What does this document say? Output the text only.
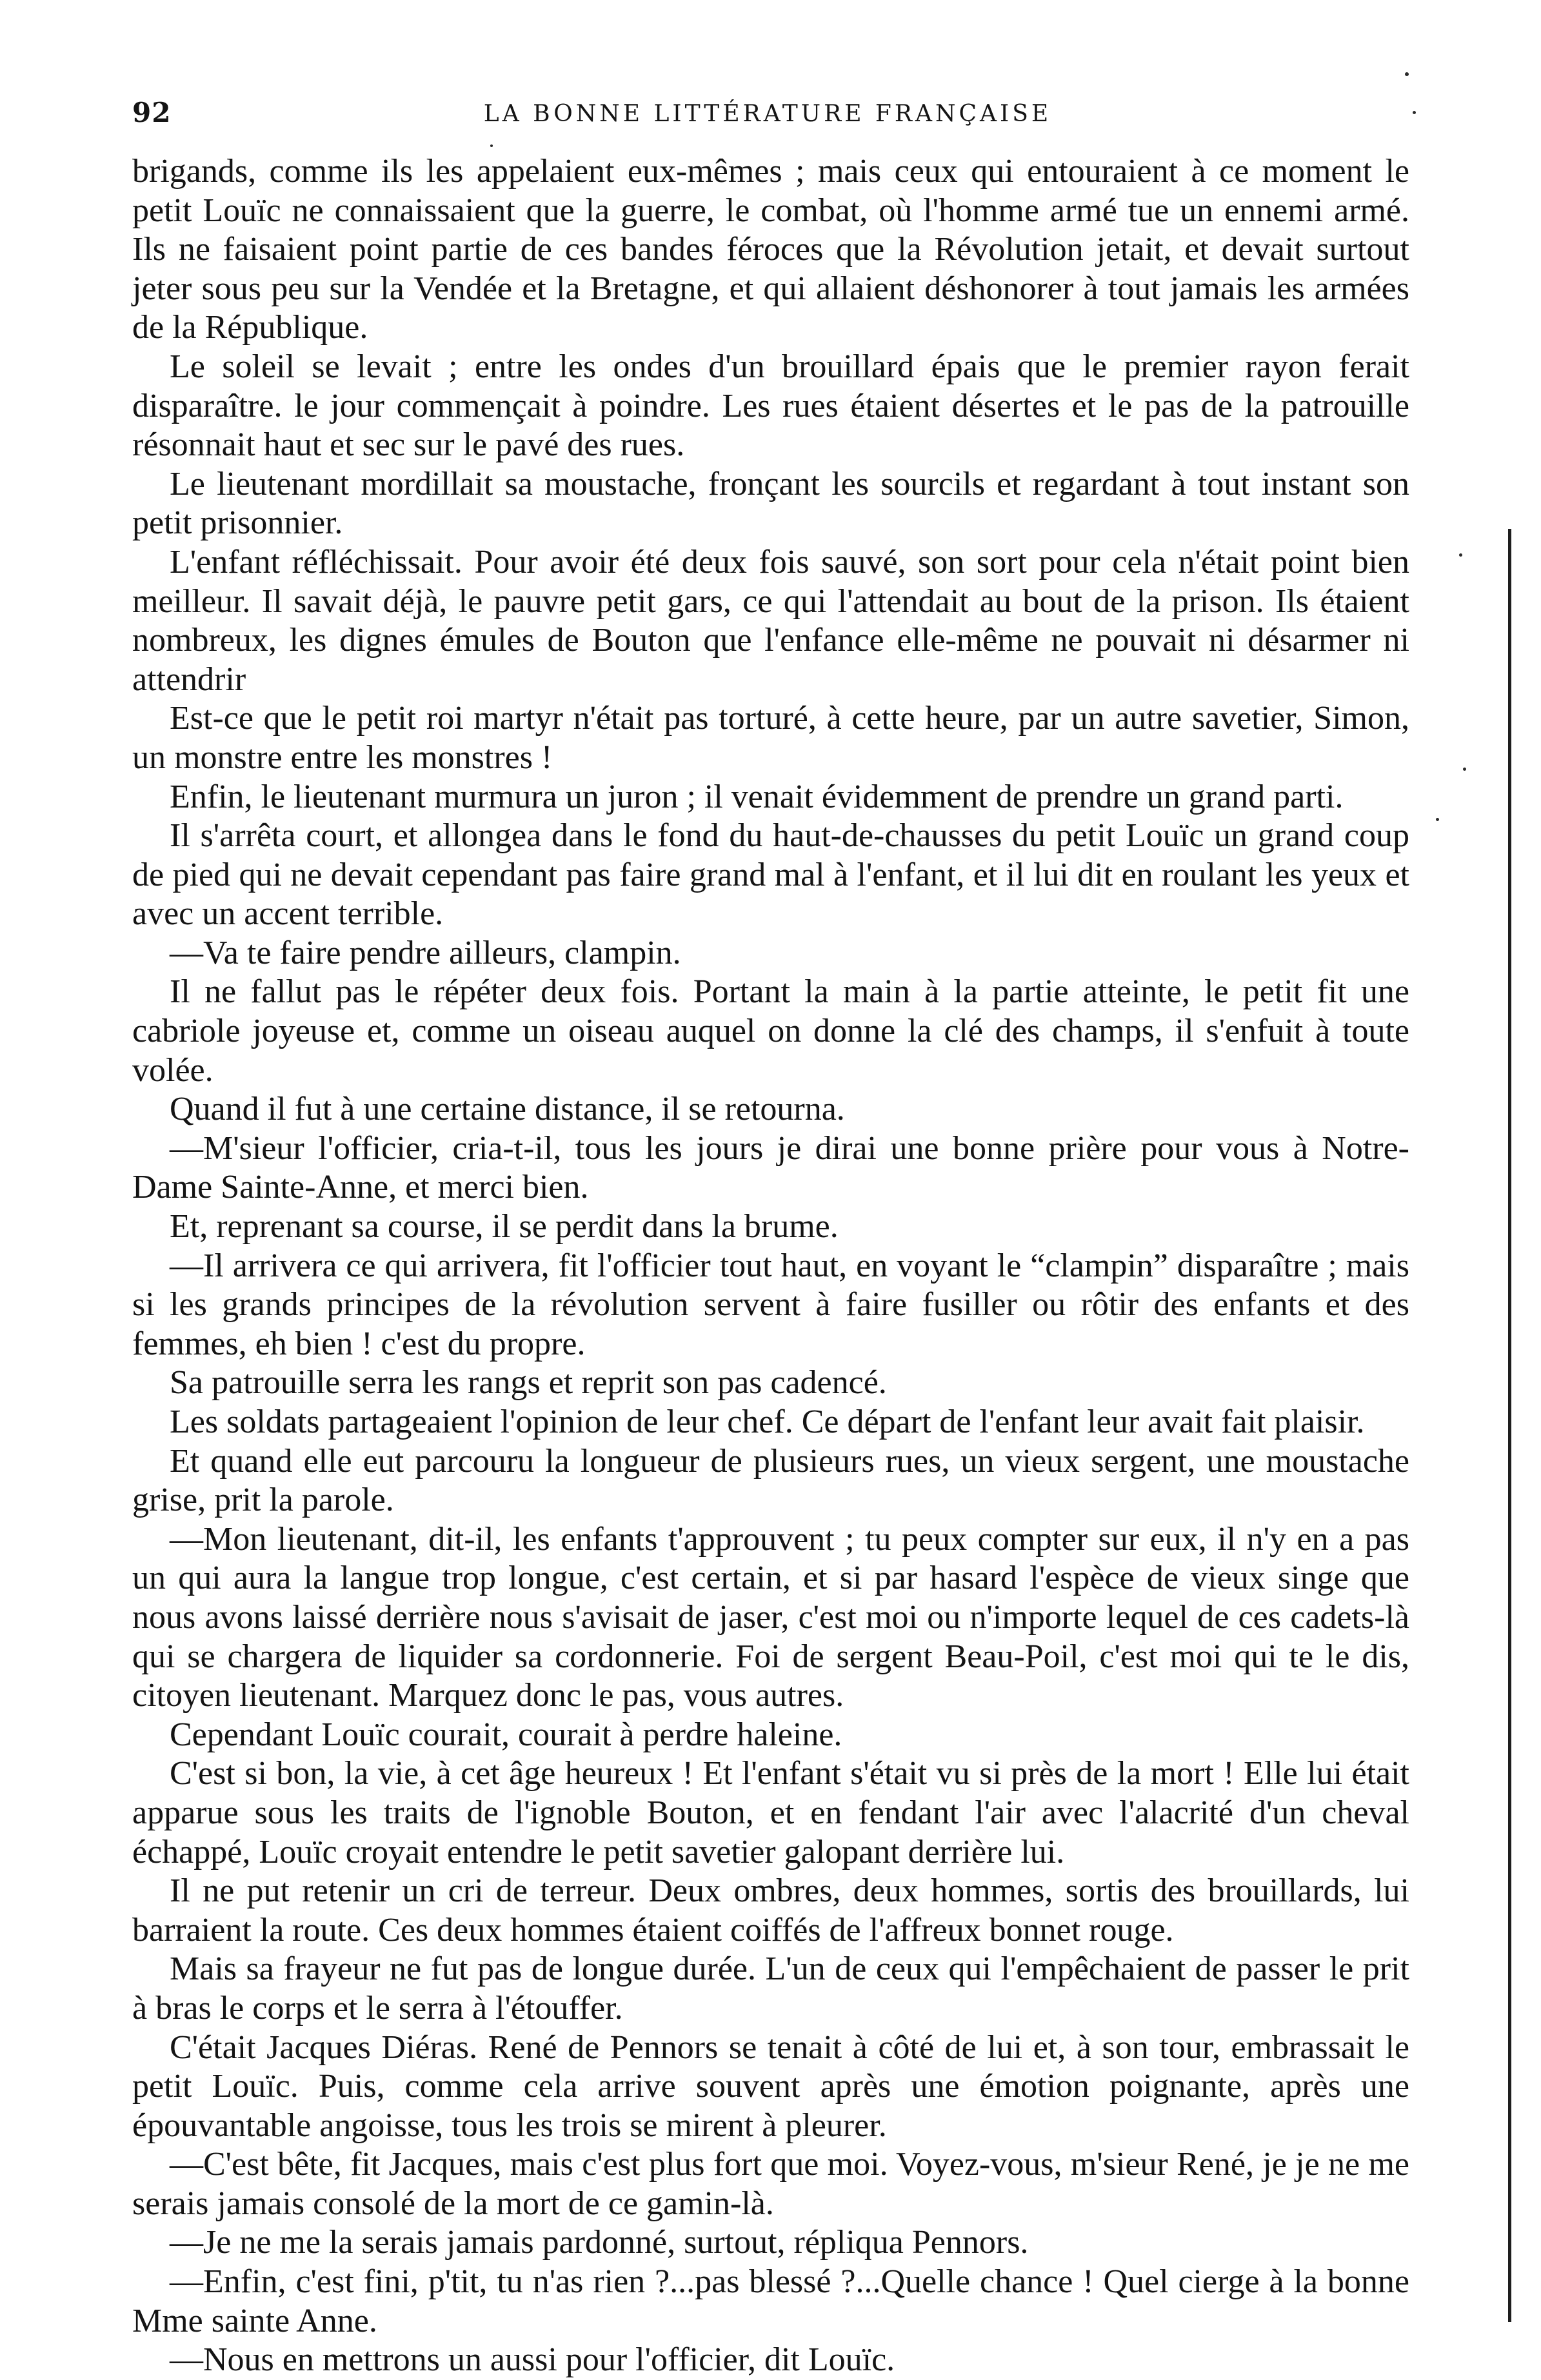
92	LA BONNE LITTÉRATURE FRANÇAISE

brigands, comme ils les appelaient eux-mêmes ; mais ceux qui entouraient à ce moment le petit Louïc ne connaissaient que la guerre, le combat, où l'homme armé tue un ennemi armé. Ils ne faisaient point partie de ces bandes féroces que la Révolution jetait, et devait surtout jeter sous peu sur la Vendée et la Bretagne, et qui allaient déshonorer à tout jamais les armées de la République.

Le soleil se levait ; entre les ondes d'un brouillard épais que le premier rayon ferait disparaître. le jour commençait à poindre. Les rues étaient désertes et le pas de la patrouille résonnait haut et sec sur le pavé des rues.

Le lieutenant mordillait sa moustache, fronçant les sourcils et regardant à tout instant son petit prisonnier.

L'enfant réfléchissait. Pour avoir été deux fois sauvé, son sort pour cela n'était point bien meilleur. Il savait déjà, le pauvre petit gars, ce qui l'attendait au bout de la prison. Ils étaient nombreux, les dignes émules de Bouton que l'enfance elle-même ne pouvait ni désarmer ni attendrir

Est-ce que le petit roi martyr n'était pas torturé, à cette heure, par un autre savetier, Simon, un monstre entre les monstres !

Enfin, le lieutenant murmura un juron ; il venait évidemment de prendre un grand parti.

Il s'arrêta court, et allongea dans le fond du haut-de-chausses du petit Louïc un grand coup de pied qui ne devait cependant pas faire grand mal à l'enfant, et il lui dit en roulant les yeux et avec un accent terrible.

—Va te faire pendre ailleurs, clampin.

Il ne fallut pas le répéter deux fois. Portant la main à la partie atteinte, le petit fit une cabriole joyeuse et, comme un oiseau auquel on donne la clé des champs, il s'enfuit à toute volée.

Quand il fut à une certaine distance, il se retourna.

—M'sieur l'officier, cria-t-il, tous les jours je dirai une bonne prière pour vous à Notre-Dame Sainte-Anne, et merci bien.

Et, reprenant sa course, il se perdit dans la brume.

—Il arrivera ce qui arrivera, fit l'officier tout haut, en voyant le “clampin” disparaître ; mais si les grands principes de la révolution servent à faire fusiller ou rôtir des enfants et des femmes, eh bien ! c'est du propre.

Sa patrouille serra les rangs et reprit son pas cadencé.

Les soldats partageaient l'opinion de leur chef. Ce départ de l'enfant leur avait fait plaisir.

Et quand elle eut parcouru la longueur de plusieurs rues, un vieux sergent, une moustache grise, prit la parole.

—Mon lieutenant, dit-il, les enfants t'approuvent ; tu peux compter sur eux, il n'y en a pas un qui aura la langue trop longue, c'est certain, et si par hasard l'espèce de vieux singe que nous avons laissé derrière nous s'avisait de jaser, c'est moi ou n'importe lequel de ces cadets-là qui se chargera de liquider sa cordonnerie. Foi de sergent Beau-Poil, c'est moi qui te le dis, citoyen lieutenant. Marquez donc le pas, vous autres.

Cependant Louïc courait, courait à perdre haleine.

C'est si bon, la vie, à cet âge heureux ! Et l'enfant s'était vu si près de la mort ! Elle lui était apparue sous les traits de l'ignoble Bouton, et en fendant l'air avec l'alacrité d'un cheval échappé, Louïc croyait entendre le petit savetier galopant derrière lui.

Il ne put retenir un cri de terreur. Deux ombres, deux hommes, sortis des brouillards, lui barraient la route. Ces deux hommes étaient coiffés de l'affreux bonnet rouge.

Mais sa frayeur ne fut pas de longue durée. L'un de ceux qui l'empêchaient de passer le prit à bras le corps et le serra à l'étouffer.

C'était Jacques Diéras. René de Pennors se tenait à côté de lui et, à son tour, embrassait le petit Louïc. Puis, comme cela arrive souvent après une émotion poignante, après une épouvantable angoisse, tous les trois se mirent à pleurer.

—C'est bête, fit Jacques, mais c'est plus fort que moi. Voyez-vous, m'sieur René, je je ne me serais jamais consolé de la mort de ce gamin-là.

—Je ne me la serais jamais pardonné, surtout, répliqua Pennors.

—Enfin, c'est fini, p'tit, tu n'as rien ?...pas blessé ?...Quelle chance ! Quel cierge à la bonne Mme sainte Anne.

—Nous en mettrons un aussi pour l'officier, dit Louïc.
